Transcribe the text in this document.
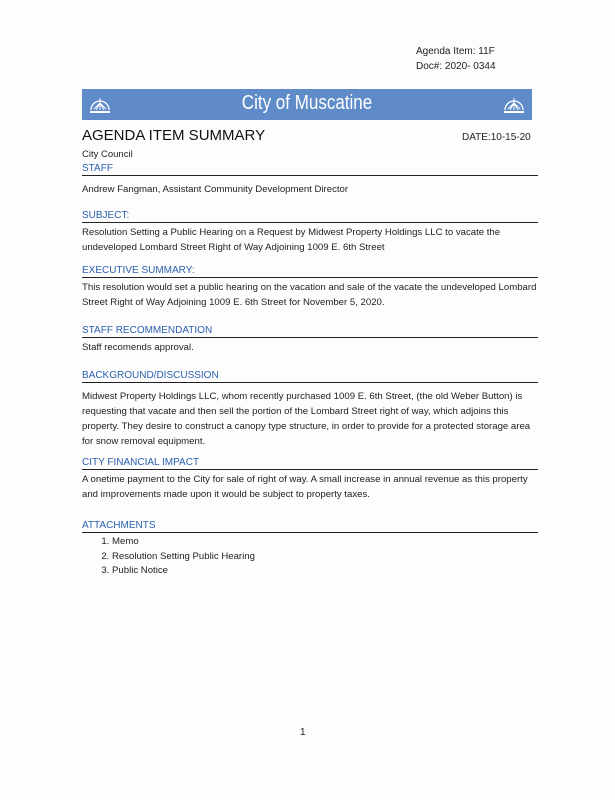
Agenda Item: 11F
Doc#: 2020- 0344
City of Muscatine
AGENDA ITEM SUMMARY	DATE:10-15-20
City Council
STAFF
Andrew Fangman, Assistant Community Development Director
SUBJECT:
Resolution Setting a Public Hearing on a Request by Midwest Property Holdings LLC to vacate the undeveloped Lombard Street Right of Way Adjoining 1009 E. 6th Street
EXECUTIVE SUMMARY:
This resolution would set a public hearing on the vacation and sale of the vacate the undeveloped Lombard Street Right of Way Adjoining 1009 E. 6th Street for November 5, 2020.
STAFF RECOMMENDATION
Staff recomends approval.
BACKGROUND/DISCUSSION
Midwest Property Holdings LLC, whom recently purchased 1009 E. 6th Street, (the old Weber Button) is requesting that vacate and then sell the portion of the Lombard Street right of way, which adjoins this property. They desire to construct a canopy type structure, in order to provide for a protected storage area for snow removal equipment.
CITY FINANCIAL IMPACT
A onetime payment to the City for sale of right of way. A small increase in annual revenue as this property and improvements made upon it would be subject to property taxes.
ATTACHMENTS
1. Memo
2. Resolution Setting Public Hearing
3. Public Notice
1
